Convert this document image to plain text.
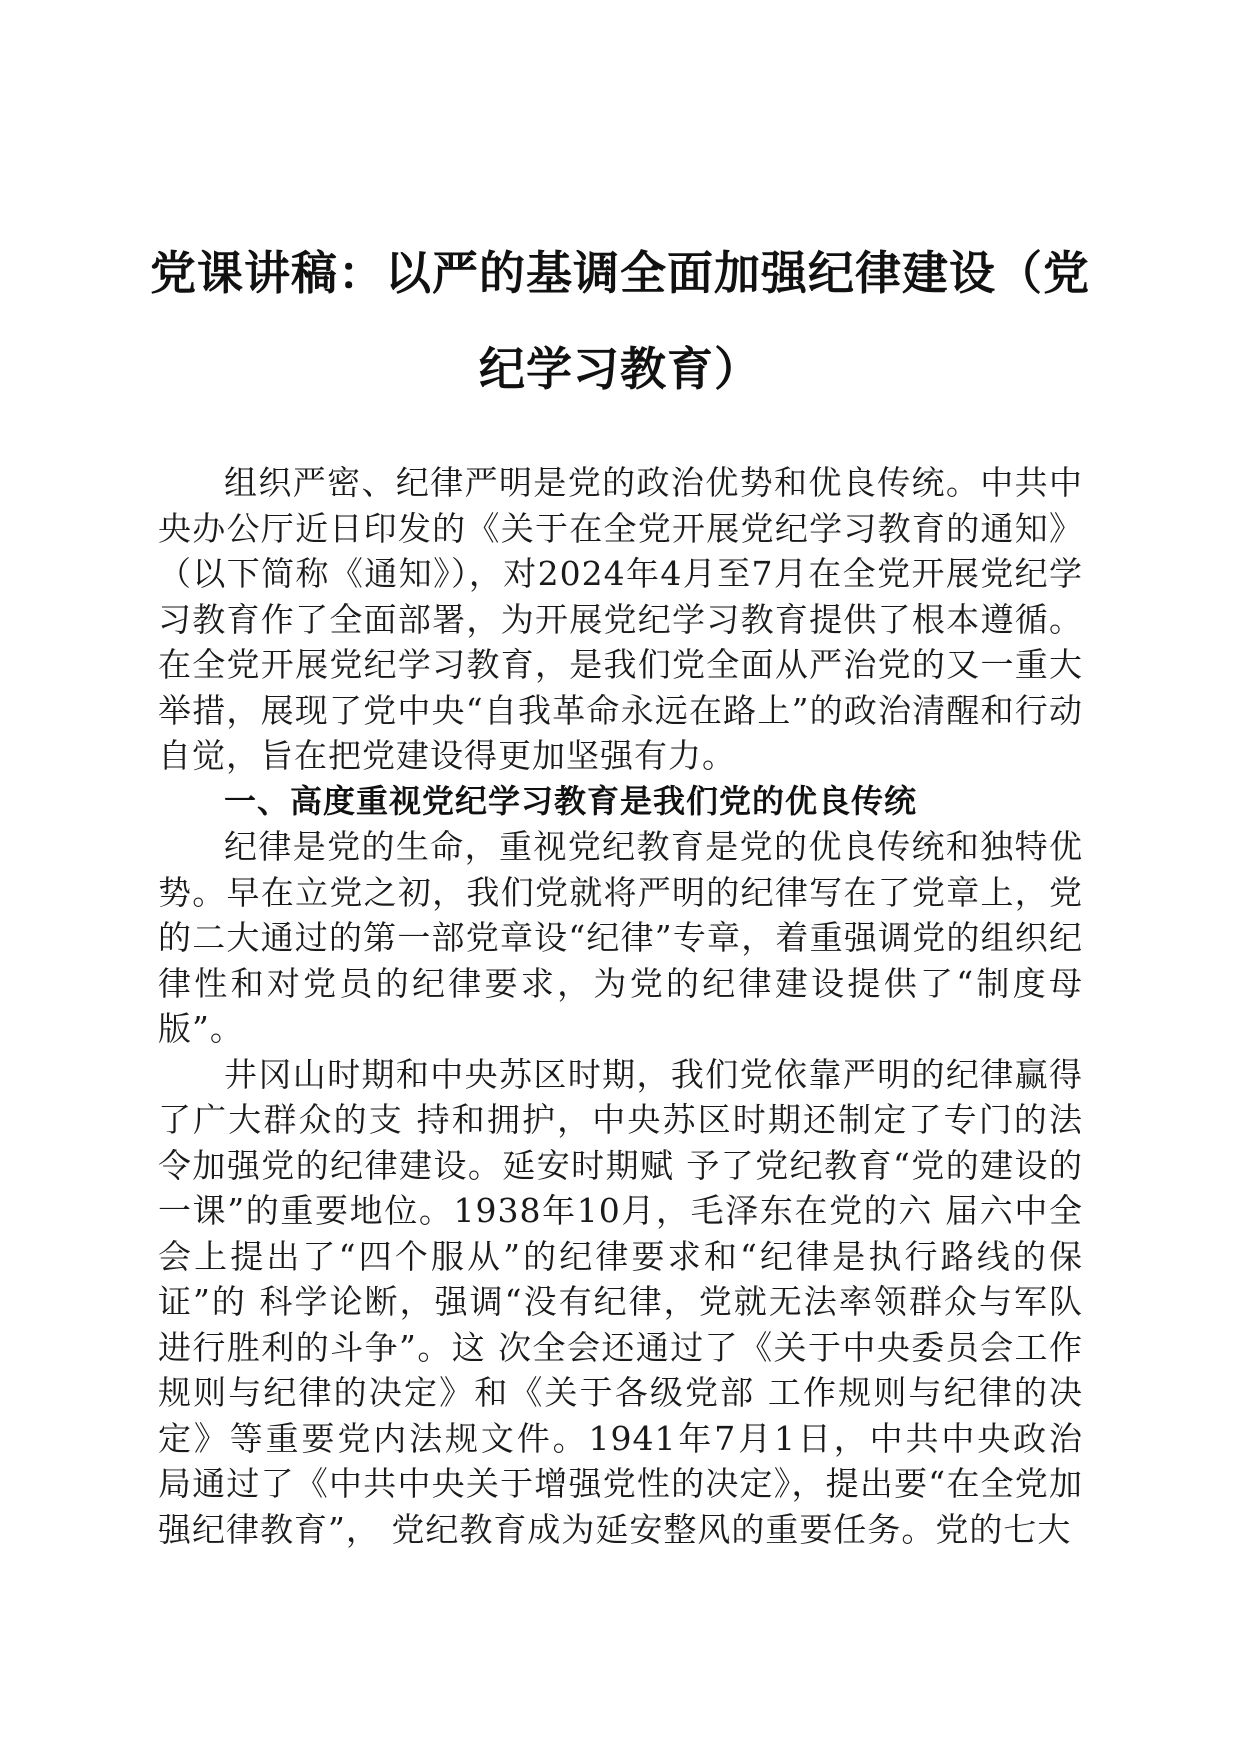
党课讲稿：以严的基调全面加强纪律建设（党
纪学习教育）

组织严密、纪律严明是党的政治优势和优良传统。中共中央办公厅近日印发的《关于在全党开展党纪学习教育的通知》（以下简称《通知》），对2024年4月至7月在全党开展党纪学习教育作了全面部署，为开展党纪学习教育提供了根本遵循。在全党开展党纪学习教育，是我们党全面从严治党的又一重大举措，展现了党中央“自我革命永远在路上”的政治清醒和行动自觉，旨在把党建设得更加坚强有力。

一、高度重视党纪学习教育是我们党的优良传统

纪律是党的生命，重视党纪教育是党的优良传统和独特优势。早在立党之初，我们党就将严明的纪律写在了党章上，党的二大通过的第一部党章设“纪律”专章，着重强调党的组织纪律性和对党员的纪律要求，为党的纪律建设提供了“制度母版”。

井冈山时期和中央苏区时期，我们党依靠严明的纪律赢得了广大群众的支 持和拥护，中央苏区时期还制定了专门的法令加强党的纪律建设。延安时期赋 予了党纪教育“党的建设的一课”的重要地位。1938年10月，毛泽东在党的六 届六中全会上提出了“四个服从”的纪律要求和“纪律是执行路线的保证”的 科学论断，强调“没有纪律，党就无法率领群众与军队进行胜利的斗争”。这 次全会还通过了《关于中央委员会工作规则与纪律的决定》和《关于各级党部 工作规则与纪律的决定》等重要党内法规文件。1941年7月1日，中共中央政治 局通过了《中共中央关于增强党性的决定》，提出要“在全党加强纪律教育”， 党纪教育成为延安整风的重要任务。党的七大
